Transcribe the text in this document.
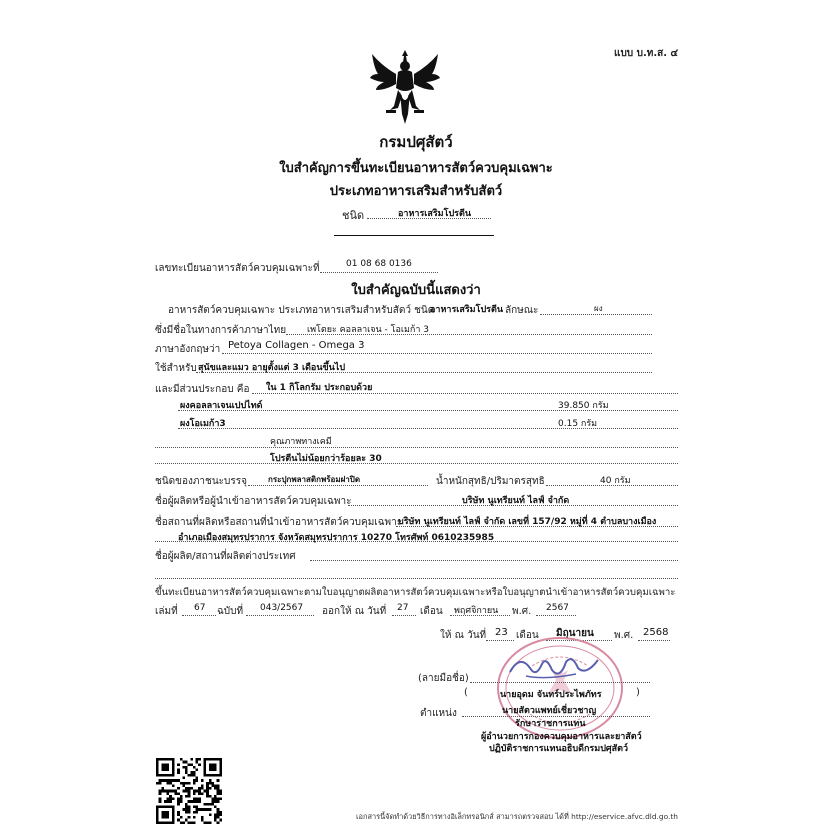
แบบ บ.ท.ส. ๔
กรมปศุสัตว์
ใบสำคัญการขึ้นทะเบียนอาหารสัตว์ควบคุมเฉพาะ
ประเภทอาหารเสริมสำหรับสัตว์
ชนิด	อาหารเสริมโปรตีน
เลขทะเบียนอาหารสัตว์ควบคุมเฉพาะที่	01 08 68 0136
ใบสำคัญฉบับนี้แสดงว่า
อาหารสัตว์ควบคุมเฉพาะ ประเภทอาหารเสริมสำหรับสัตว์ ชนิด
อาหารเสริมโปรตีน ลักษณะ	ผง
ซึ่งมีชื่อในทางการค้าภาษาไทย เพโตยะ คอลลาเจน - โอเมก้า 3
ภาษาอังกฤษว่า Petoya Collagen - Omega 3
ใช้สำหรับ สุนัขและแมว อายุตั้งแต่ 3 เดือนขึ้นไป
และมีส่วนประกอบ คือ ใน 1 กิโลกรัม ประกอบด้วย
ผงคอลลาเจนเปปไทด์	39.850 กรัม
ผงโอเมก้า3	0.15 กรัม
คุณภาพทางเคมี
โปรตีนไม่น้อยกว่าร้อยละ 30
ชนิดของภาชนะบรรจุ	กระปุกพลาสติกพร้อมฝาปิด	น้ำหนักสุทธิ/ปริมาตรสุทธิ	40 กรัม
ชื่อผู้ผลิตหรือผู้นำเข้าอาหารสัตว์ควบคุมเฉพาะ	บริษัท นูเทรียนท์ ไลฟ์ จำกัด
ชื่อสถานที่ผลิตหรือสถานที่นำเข้าอาหารสัตว์ควบคุมเฉพาะ
บริษัท นูเทรียนท์ ไลฟ์ จำกัด เลขที่ 157/92 หมู่ที่ 4 ตำบลบางเมือง
อำเภอเมืองสมุทรปราการ จังหวัดสมุทรปราการ 10270 โทรศัพท์ 0610235985
ชื่อผู้ผลิต/สถานที่ผลิตต่างประเทศ
ขึ้นทะเบียนอาหารสัตว์ควบคุมเฉพาะตามใบอนุญาตผลิตอาหารสัตว์ควบคุมเฉพาะหรือใบอนุญาตนำเข้าอาหารสัตว์ควบคุมเฉพาะ
เล่มที่ 67 ฉบับที่ 043/2567 ออกให้ ณ วันที่ 27 เดือน พฤศจิกายน พ.ศ. 2567
ให้ ณ วันที่ 23 เดือน มิถุนายน พ.ศ. 2568
(ลายมือชื่อ)
(	นายอุดม จันทร์ประไพภัทร	)
ตำแหน่ง	นายสัตวแพทย์เชี่ยวชาญ
รักษาราชการแทน
ผู้อำนวยการกองควบคุมอาหารและยาสัตว์
ปฏิบัติราชการแทนอธิบดีกรมปศุสัตว์
เอกสารนี้จัดทำด้วยวิธีการทางอิเล็กทรอนิกส์ สามารถตรวจสอบ ได้ที่ http://eservice.afvc.dld.go.th
